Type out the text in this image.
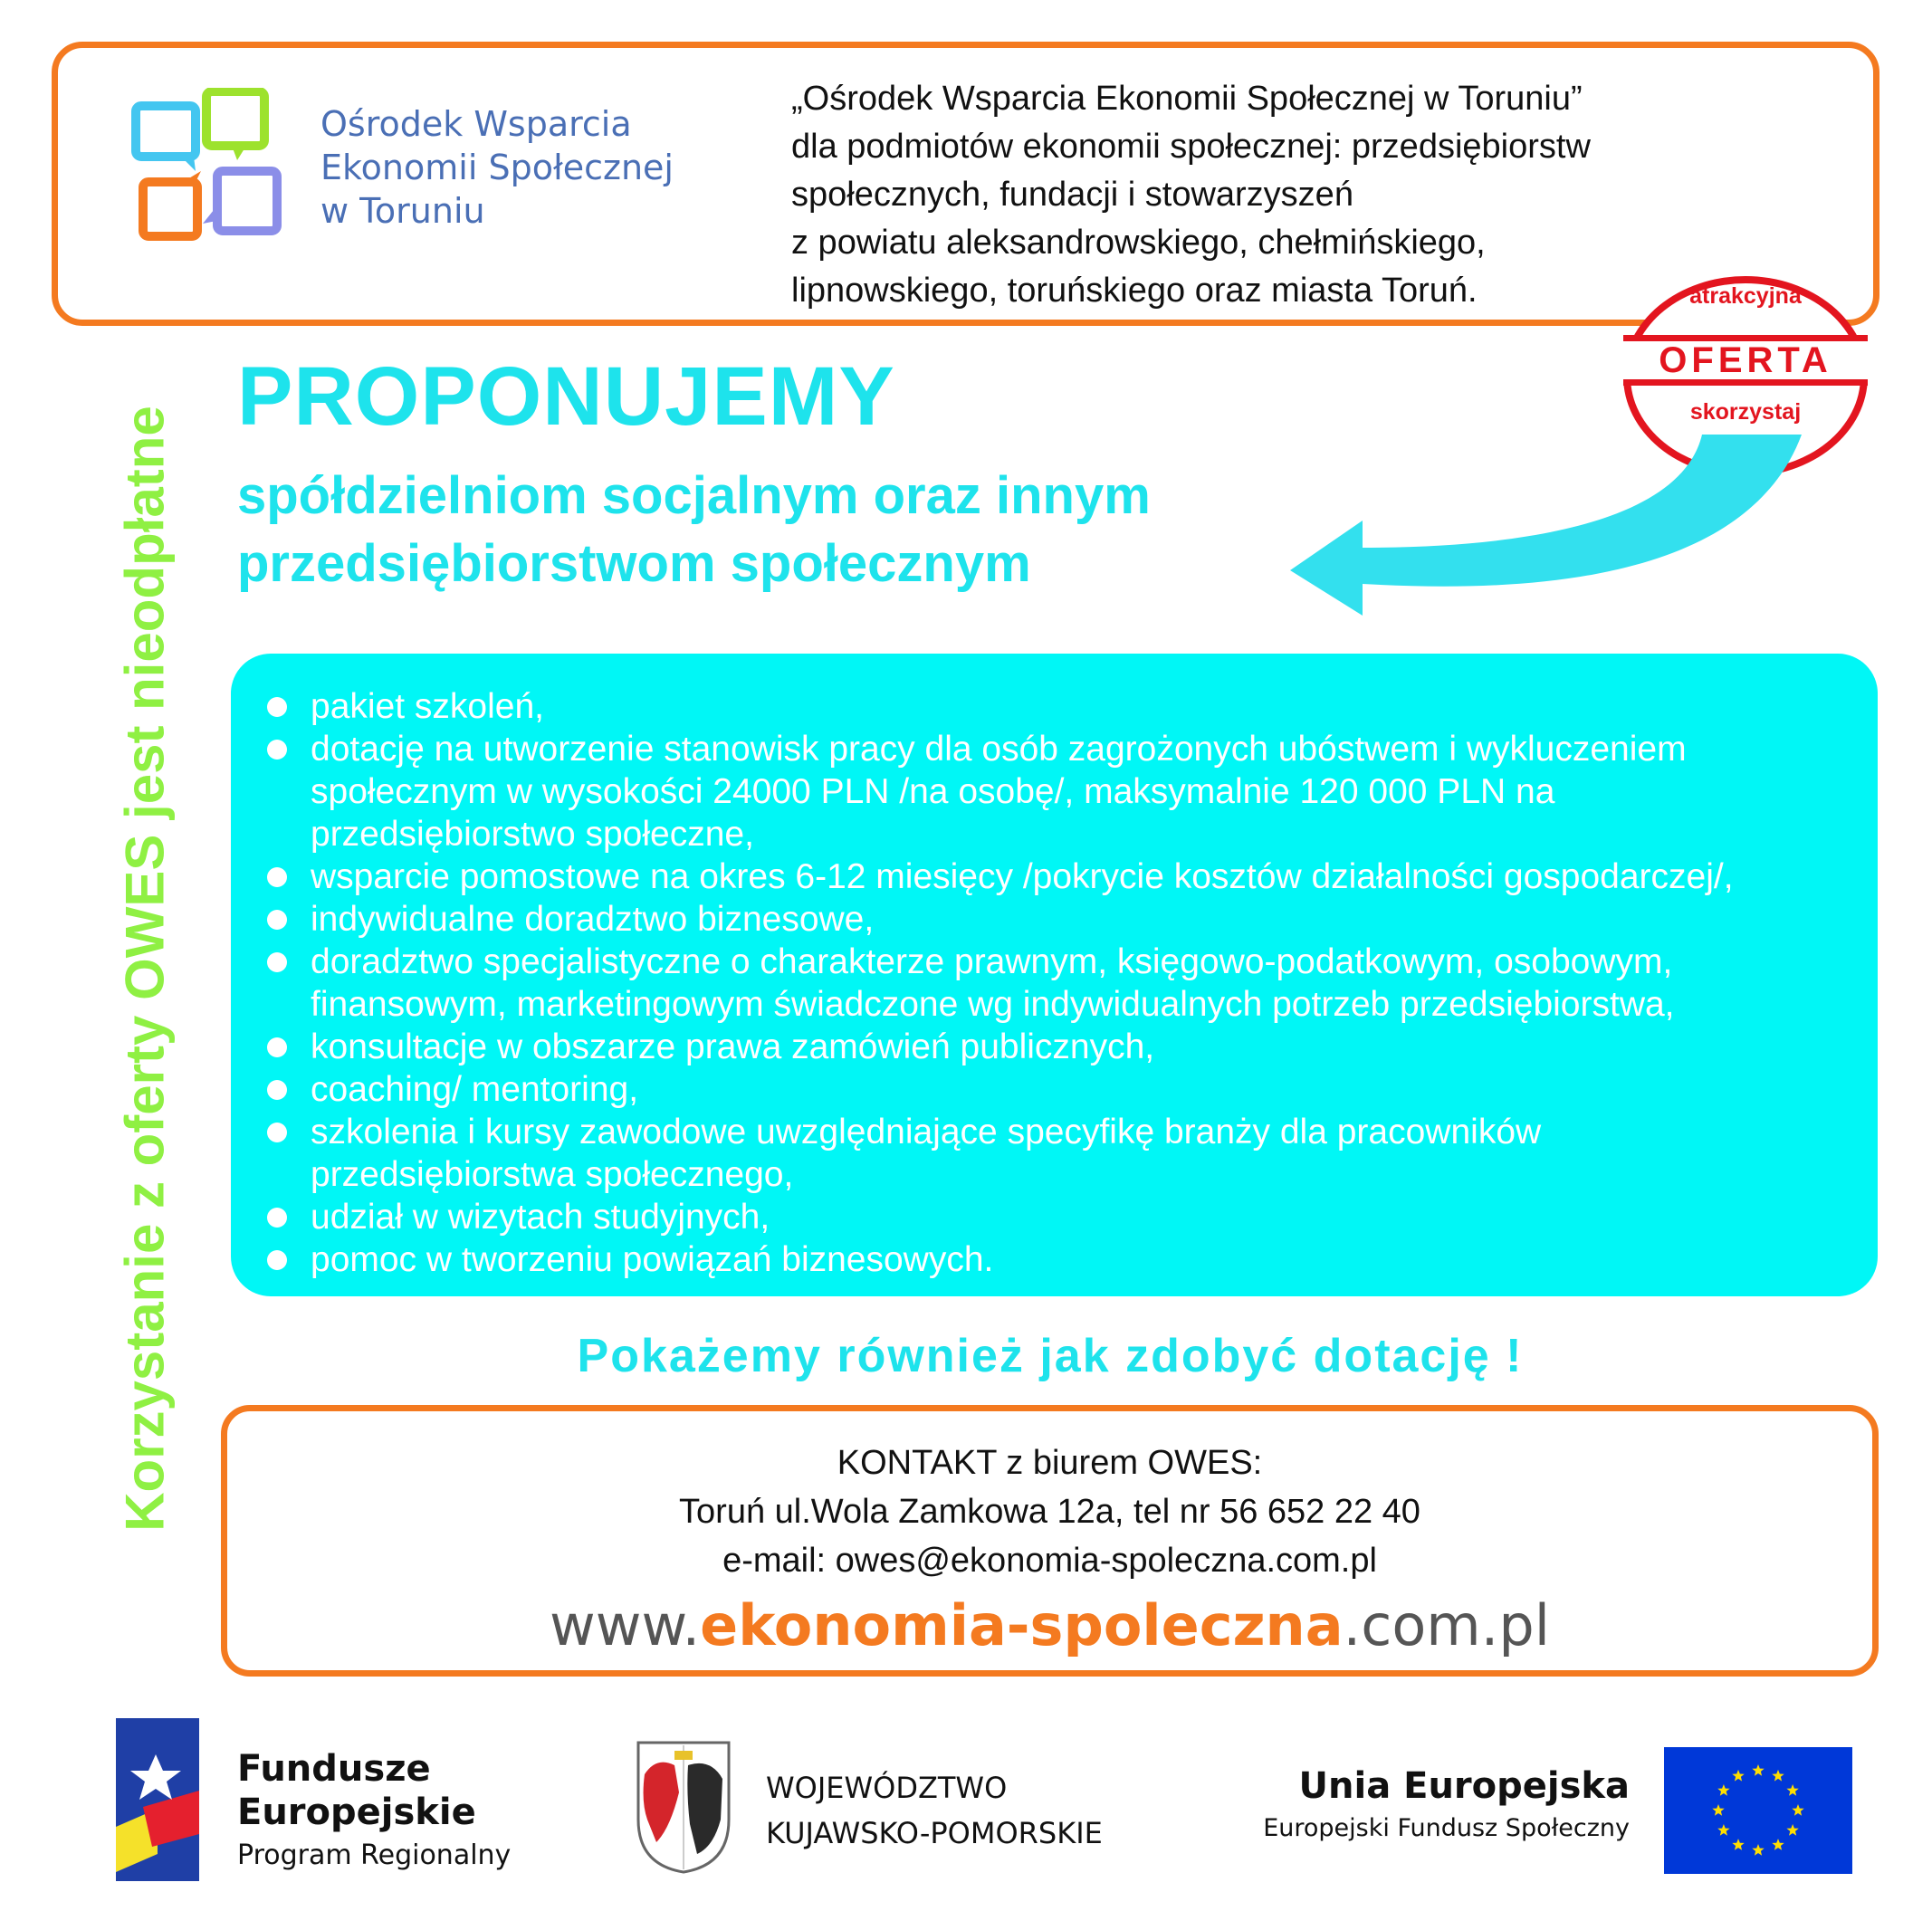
Ośrodek Wsparcia
Ekonomii Społecznej
w Toruniu
„Ośrodek Wsparcia Ekonomii Społecznej w Toruniu”
dla podmiotów ekonomii społecznej: przedsiębiorstw
społecznych, fundacji i stowarzyszeń
z powiatu aleksandrowskiego, chełmińskiego,
lipnowskiego, toruńskiego oraz miasta Toruń.	atrakcyjna
OFERTA
skorzystaj
Korzystanie z oferty OWES jest nieodpłatne
PROPONUJEMY
spółdzielniom socjalnym oraz innym
przedsiębiorstwom społecznym
pakiet szkoleń,
dotację na utworzenie stanowisk pracy dla osób zagrożonych ubóstwem i wykluczeniem
społecznym w wysokości 24000 PLN /na osobę/, maksymalnie 120 000 PLN na
przedsiębiorstwo społeczne,
wsparcie pomostowe na okres 6-12 miesięcy /pokrycie kosztów działalności gospodarczej/,
indywidualne doradztwo biznesowe,
doradztwo specjalistyczne o charakterze prawnym, księgowo-podatkowym, osobowym,
finansowym, marketingowym świadczone wg indywidualnych potrzeb przedsiębiorstwa,
konsultacje w obszarze prawa zamówień publicznych,
coaching/ mentoring,
szkolenia i kursy zawodowe uwzględniające specyfikę branży dla pracowników
przedsiębiorstwa społecznego,
udział w wizytach studyjnych,
pomoc w tworzeniu powiązań biznesowych.
Pokażemy również jak zdobyć dotację !
KONTAKT z biurem OWES:
Toruń ul.Wola Zamkowa 12a, tel nr 56 652 22 40
e-mail: owes@ekonomia-spoleczna.com.pl
www.ekonomia-spoleczna.com.pl
Fundusze
Europejskie
Program Regionalny
WOJEWÓDZTWO
KUJAWSKO-POMORSKIE
Unia Europejska
Europejski Fundusz Społeczny
